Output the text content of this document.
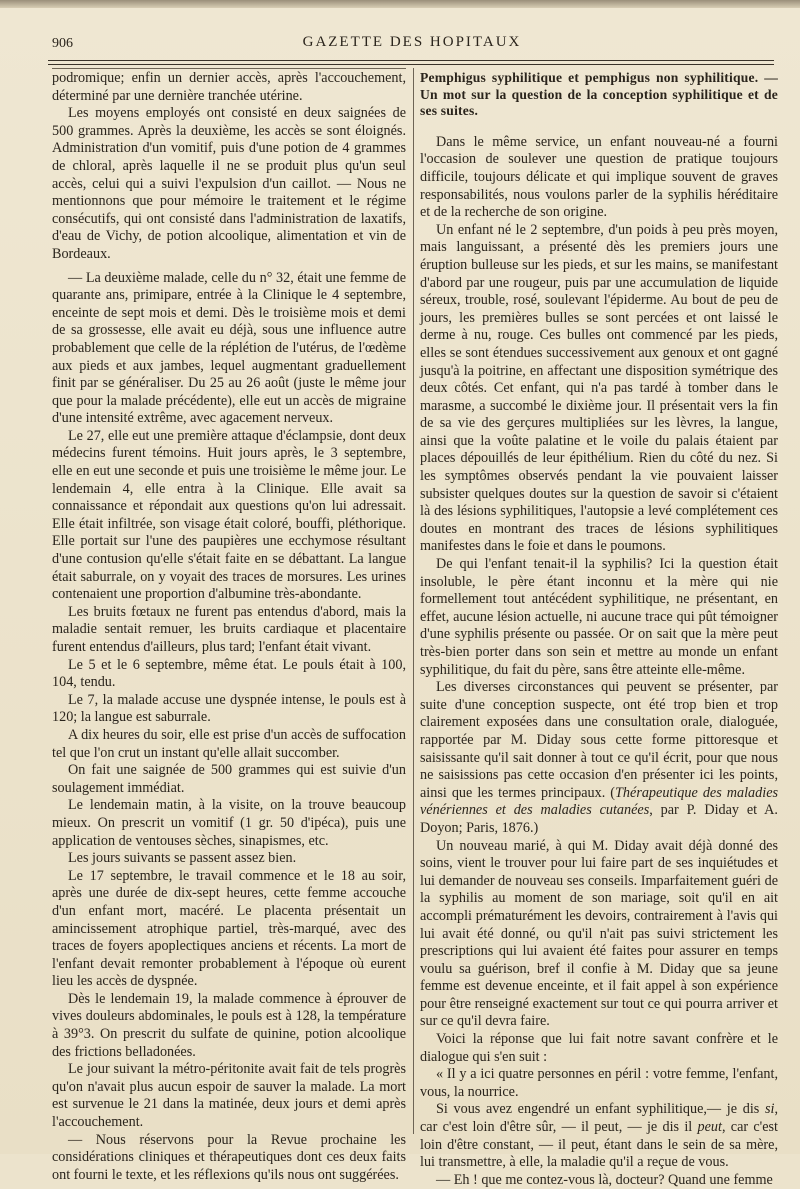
906	GAZETTE DES HOPITAUX

podromique; enfin un dernier accès, après l'accouchement, déterminé par une dernière tranchée utérine.

Les moyens employés ont consisté en deux saignées de 500 grammes. Après la deuxième, les accès se sont éloignés. Administration d'un vomitif, puis d'une potion de 4 grammes de chloral, après laquelle il ne se produit plus qu'un seul accès, celui qui a suivi l'expulsion d'un caillot. — Nous ne mentionnons que pour mémoire le traitement et le régime consécutifs, qui ont consisté dans l'administration de laxatifs, d'eau de Vichy, de potion alcoolique, alimentation et vin de Bordeaux.

— La deuxième malade, celle du n° 32, était une femme de quarante ans, primipare, entrée à la Clinique le 4 septembre, enceinte de sept mois et demi. Dès le troisième mois et demi de sa grossesse, elle avait eu déjà, sous une influence autre probablement que celle de la réplétion de l'utérus, de l'œdème aux pieds et aux jambes, lequel augmentant graduellement finit par se généraliser. Du 25 au 26 août (juste le même jour que pour la malade précédente), elle eut un accès de migraine d'une intensité extrême, avec agacement nerveux.

Le 27, elle eut une première attaque d'éclampsie, dont deux médecins furent témoins. Huit jours après, le 3 septembre, elle en eut une seconde et puis une troisième le même jour. Le lendemain 4, elle entra à la Clinique. Elle avait sa connaissance et répondait aux questions qu'on lui adressait. Elle était infiltrée, son visage était coloré, bouffi, pléthorique. Elle portait sur l'une des paupières une ecchymose résultant d'une contusion qu'elle s'était faite en se débattant. La langue était saburrale, on y voyait des traces de morsures. Les urines contenaient une proportion d'albumine très-abondante.

Les bruits fœtaux ne furent pas entendus d'abord, mais la maladie sentait remuer, les bruits cardiaque et placentaire furent entendus d'ailleurs, plus tard; l'enfant était vivant.

Le 5 et le 6 septembre, même état. Le pouls était à 100, 104, tendu.

Le 7, la malade accuse une dyspnée intense, le pouls est à 120; la langue est saburrale.

A dix heures du soir, elle est prise d'un accès de suffocation tel que l'on crut un instant qu'elle allait succomber.

On fait une saignée de 500 grammes qui est suivie d'un soulagement immédiat.

Le lendemain matin, à la visite, on la trouve beaucoup mieux. On prescrit un vomitif (1 gr. 50 d'ipéca), puis une application de ventouses sèches, sinapismes, etc.

Les jours suivants se passent assez bien.

Le 17 septembre, le travail commence et le 18 au soir, après une durée de dix-sept heures, cette femme accouche d'un enfant mort, macéré. Le placenta présentait un amincissement atrophique partiel, très-marqué, avec des traces de foyers apoplectiques anciens et récents. La mort de l'enfant devait remonter probablement à l'époque où eurent lieu les accès de dyspnée.

Dès le lendemain 19, la malade commence à éprouver de vives douleurs abdominales, le pouls est à 128, la température à 39°3. On prescrit du sulfate de quinine, potion alcoolique des frictions belladonées.

Le jour suivant la métro-péritonite avait fait de tels progrès qu'on n'avait plus aucun espoir de sauver la malade. La mort est survenue le 21 dans la matinée, deux jours et demi après l'accouchement.

— Nous réservons pour la Revue prochaine les considérations cliniques et thérapeutiques dont ces deux faits ont fourni le texte, et les réflexions qu'ils nous ont suggérées.

Pemphigus syphilitique et pemphigus non syphilitique. — Un mot sur la question de la conception syphilitique et de ses suites.

Dans le même service, un enfant nouveau-né a fourni l'occasion de soulever une question de pratique toujours difficile, toujours délicate et qui implique souvent de graves responsabilités, nous voulons parler de la syphilis héréditaire et de la recherche de son origine.

Un enfant né le 2 septembre, d'un poids à peu près moyen, mais languissant, a présenté dès les premiers jours une éruption bulleuse sur les pieds, et sur les mains, se manifestant d'abord par une rougeur, puis par une accumulation de liquide séreux, trouble, rosé, soulevant l'épiderme. Au bout de peu de jours, les premières bulles se sont percées et ont laissé le derme à nu, rouge. Ces bulles ont commencé par les pieds, elles se sont étendues successivement aux genoux et ont gagné jusqu'à la poitrine, en affectant une disposition symétrique des deux côtés. Cet enfant, qui n'a pas tardé à tomber dans le marasme, a succombé le dixième jour. Il présentait vers la fin de sa vie des gerçures multipliées sur les lèvres, la langue, ainsi que la voûte palatine et le voile du palais étaient par places dépouillés de leur épithélium. Rien du côté du nez. Si les symptômes observés pendant la vie pouvaient laisser subsister quelques doutes sur la question de savoir si c'étaient là des lésions syphilitiques, l'autopsie a levé complétement ces doutes en montrant des traces de lésions syphilitiques manifestes dans le foie et dans le poumons.

De qui l'enfant tenait-il la syphilis? Ici la question était insoluble, le père étant inconnu et la mère qui nie formellement tout antécédent syphilitique, ne présentant, en effet, aucune lésion actuelle, ni aucune trace qui pût témoigner d'une syphilis présente ou passée. Or on sait que la mère peut très-bien porter dans son sein et mettre au monde un enfant syphilitique, du fait du père, sans être atteinte elle-même.

Les diverses circonstances qui peuvent se présenter, par suite d'une conception suspecte, ont été trop bien et trop clairement exposées dans une consultation orale, dialoguée, rapportée par M. Diday sous cette forme pittoresque et saisissante qu'il sait donner à tout ce qu'il écrit, pour que nous ne saisissions pas cette occasion d'en présenter ici les points, ainsi que les termes principaux. (Thérapeutique des maladies vénériennes et des maladies cutanées, par P. Diday et A. Doyon; Paris, 1876.)

Un nouveau marié, à qui M. Diday avait déjà donné des soins, vient le trouver pour lui faire part de ses inquiétudes et lui demander de nouveau ses conseils. Imparfaitement guéri de la syphilis au moment de son mariage, soit qu'il en ait accompli prématurément les devoirs, contrairement à l'avis qui lui avait été donné, ou qu'il n'ait pas suivi strictement les prescriptions qui lui avaient été faites pour assurer en temps voulu sa guérison, bref il confie à M. Diday que sa jeune femme est devenue enceinte, et il fait appel à son expérience pour être renseigné exactement sur tout ce qui pourra arriver et sur ce qu'il devra faire.

Voici la réponse que lui fait notre savant confrère et le dialogue qui s'en suit :

« Il y a ici quatre personnes en péril : votre femme, l'enfant, vous, la nourrice.

Si vous avez engendré un enfant syphilitique,— je dis si, car c'est loin d'être sûr, — il peut, — je dis il peut, car c'est loin d'être constant, — il peut, étant dans le sein de sa mère, lui transmettre, à elle, la maladie qu'il a reçue de vous.

— Eh ! que me contez-vous là, docteur? Quand une femme
